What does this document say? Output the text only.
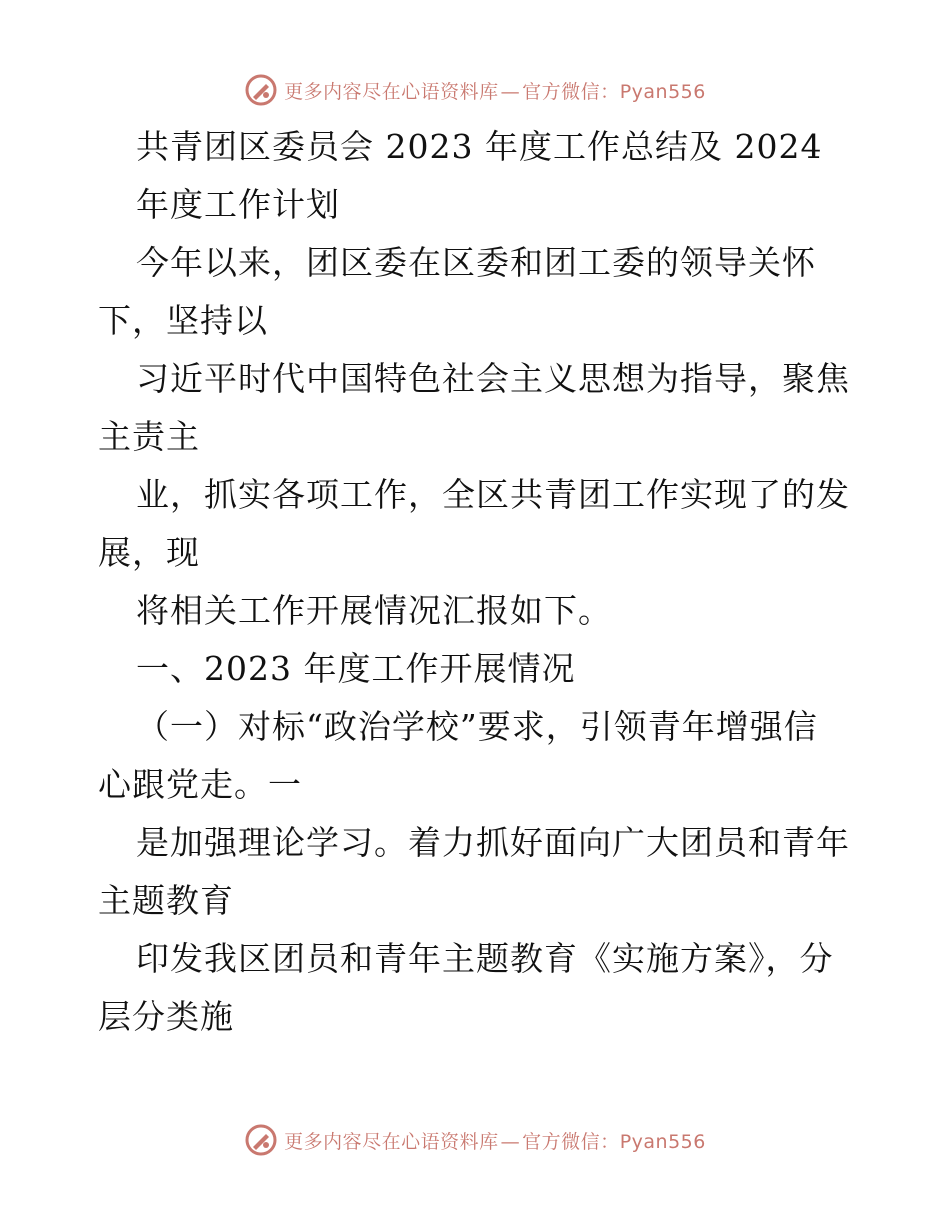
更多内容尽在心语资料库 — 官方微信：Pyan556
共青团区委员会 2023 年度工作总结及 2024
年度工作计划
今年以来，团区委在区委和团工委的领导关怀
下，坚持以
习近平时代中国特色社会主义思想为指导，聚焦
主责主
业，抓实各项工作，全区共青团工作实现了的发
展，现
将相关工作开展情况汇报如下。
一、2023 年度工作开展情况
（一）对标“政治学校”要求，引领青年增强信
心跟党走。一
是加强理论学习。着力抓好面向广大团员和青年
主题教育
印发我区团员和青年主题教育《实施方案》，分
层分类施
更多内容尽在心语资料库 — 官方微信：Pyan556
